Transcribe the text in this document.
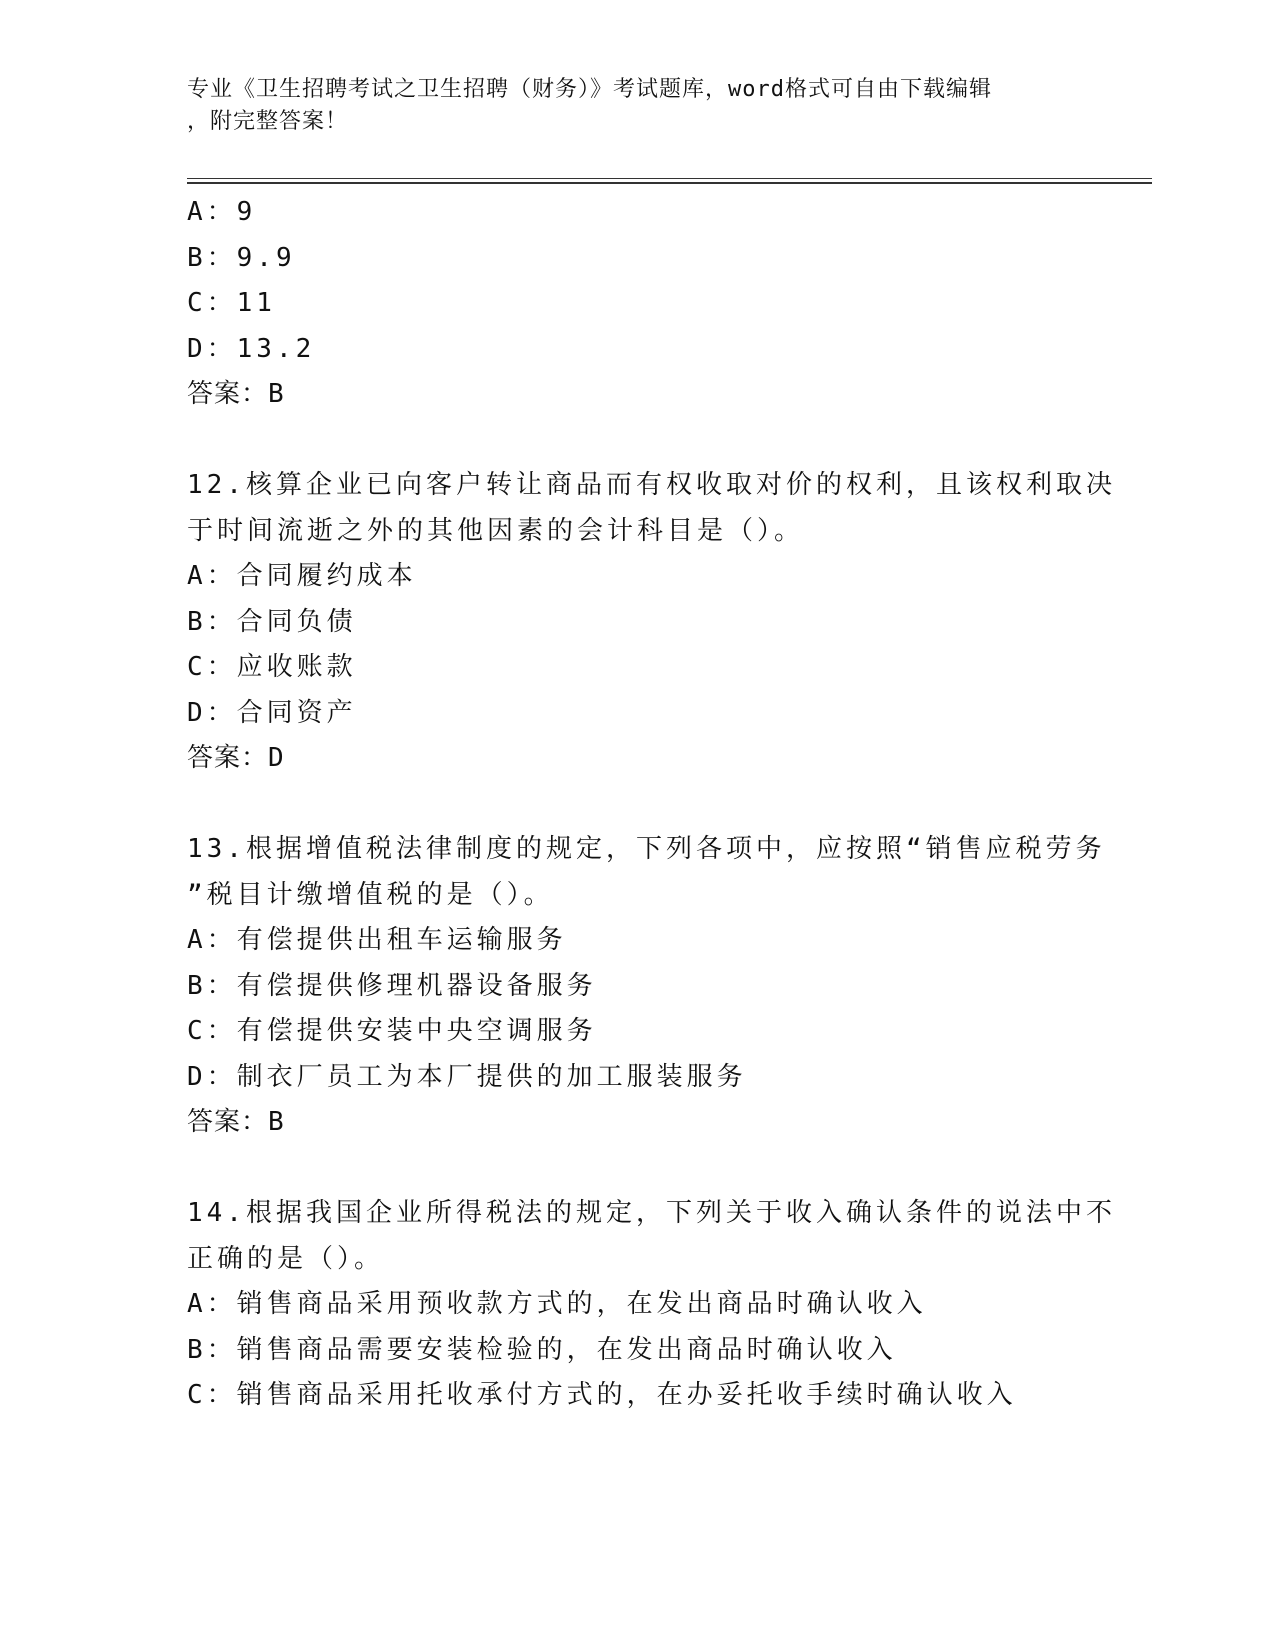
专业《卫生招聘考试之卫生招聘（财务）》考试题库，word格式可自由下载编辑
，附完整答案！
A：9
B：9.9
C：11
D：13.2
答案：B
12.核算企业已向客户转让商品而有权收取对价的权利，且该权利取决
于时间流逝之外的其他因素的会计科目是（）。
A：合同履约成本
B：合同负债
C：应收账款
D：合同资产
答案：D
13.根据增值税法律制度的规定，下列各项中，应按照“销售应税劳务
”税目计缴增值税的是（）。
A：有偿提供出租车运输服务
B：有偿提供修理机器设备服务
C：有偿提供安装中央空调服务
D：制衣厂员工为本厂提供的加工服装服务
答案：B
14.根据我国企业所得税法的规定，下列关于收入确认条件的说法中不
正确的是（）。
A：销售商品采用预收款方式的，在发出商品时确认收入
B：销售商品需要安装检验的，在发出商品时确认收入
C：销售商品采用托收承付方式的，在办妥托收手续时确认收入
